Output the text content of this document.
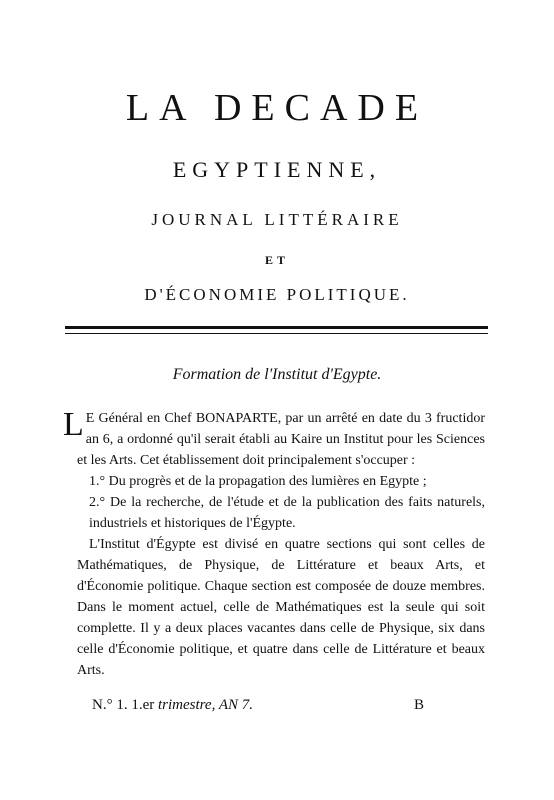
LA DECADE
EGYPTIENNE,
JOURNAL LITTÉRAIRE
ET
D'ÉCONOMIE POLITIQUE.
Formation de l'Institut d'Egypte.

L E Général en Chef BONAPARTE, par un arrêté en date du 3 fructidor an 6, a ordonné qu'il serait établi au Kaire un Institut pour les Sciences et les Arts. Cet établissement doit principalement s'occuper :

1.° Du progrès et de la propagation des lumières en Egypte ;

2.° De la recherche, de l'étude et de la publication des faits naturels, industriels et historiques de l'Égypte.

L'Institut d'Égypte est divisé en quatre sections qui sont celles de Mathématiques, de Physique, de Littérature et beaux Arts, et d'Économie politique. Chaque section est composée de douze membres. Dans le moment actuel, celle de Mathématiques est la seule qui soit complette. Il y a deux places vacantes dans celle de Physique, six dans celle d'Économie politique, et quatre dans celle de Littérature et beaux Arts.

N.° 1. 1.er trimestre, AN 7.	B
